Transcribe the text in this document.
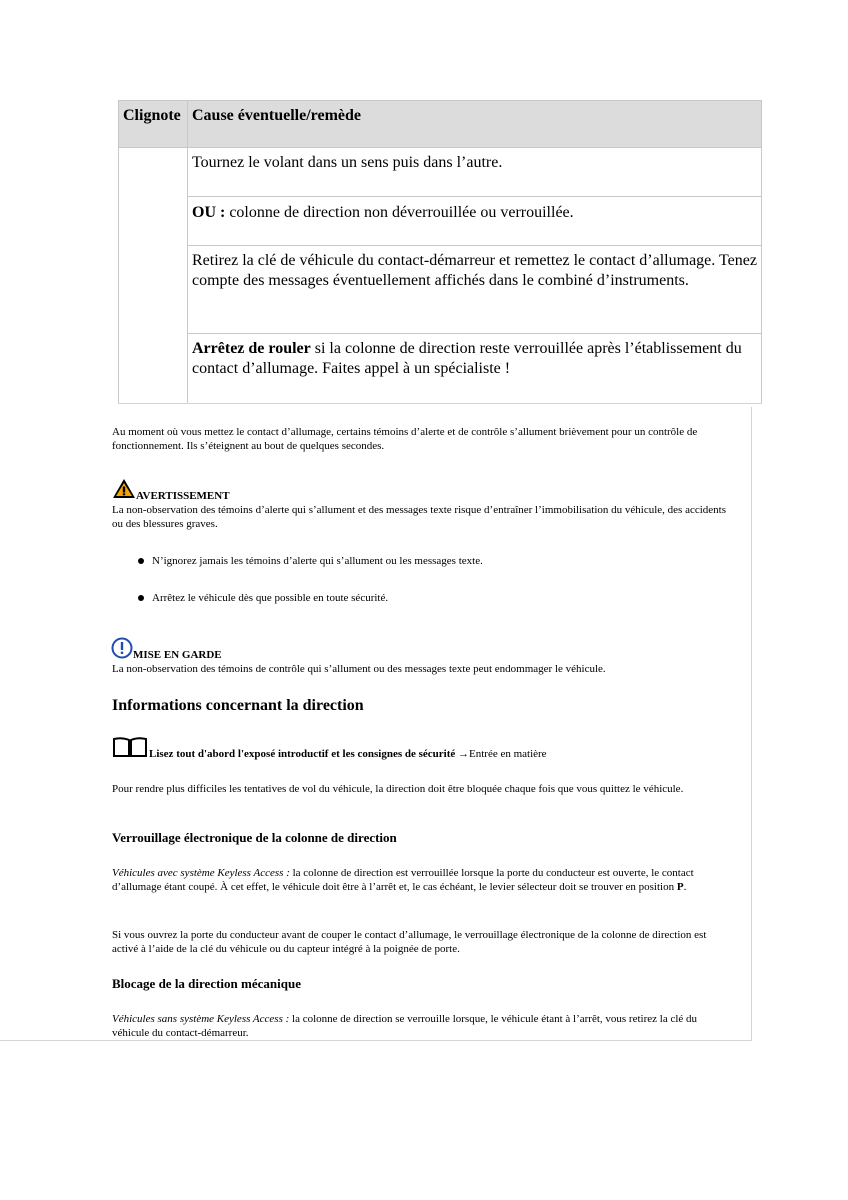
Clignote	Cause éventuelle/remède
	Tournez le volant dans un sens puis dans l’autre.
	OU : colonne de direction non déverrouillée ou verrouillée.
	Retirez la clé de véhicule du contact-démarreur et remettez le contact d’allumage. Tenez compte des messages éventuellement affichés dans le combiné d’instruments.
	Arrêtez de rouler si la colonne de direction reste verrouillée après l’établissement du contact d’allumage. Faites appel à un spécialiste !

Au moment où vous mettez le contact d’allumage, certains témoins d’alerte et de contrôle s’allument brièvement pour un contrôle de fonctionnement. Ils s’éteignent au bout de quelques secondes.

AVERTISSEMENT

La non-observation des témoins d’alerte qui s’allument et des messages texte risque d’entraîner l’immobilisation du véhicule, des accidents ou des blessures graves.

N’ignorez jamais les témoins d’alerte qui s’allument ou les messages texte.
Arrêtez le véhicule dès que possible en toute sécurité.
MISE EN GARDE

La non-observation des témoins de contrôle qui s’allument ou des messages texte peut endommager le véhicule.

Informations concernant la direction

Lisez tout d'abord l'exposé introductif et les consignes de sécurité →Entrée en matière

Pour rendre plus difficiles les tentatives de vol du véhicule, la direction doit être bloquée chaque fois que vous quittez le véhicule.

Verrouillage électronique de la colonne de direction

Véhicules avec système Keyless Access : la colonne de direction est verrouillée lorsque la porte du conducteur est ouverte, le contact d’allumage étant coupé. À cet effet, le véhicule doit être à l’arrêt et, le cas échéant, le levier sélecteur doit se trouver en position P.

Si vous ouvrez la porte du conducteur avant de couper le contact d’allumage, le verrouillage électronique de la colonne de direction est activé à l’aide de la clé du véhicule ou du capteur intégré à la poignée de porte.

Blocage de la direction mécanique

Véhicules sans système Keyless Access : la colonne de direction se verrouille lorsque, le véhicule étant à l’arrêt, vous retirez la clé du véhicule du contact-démarreur.
